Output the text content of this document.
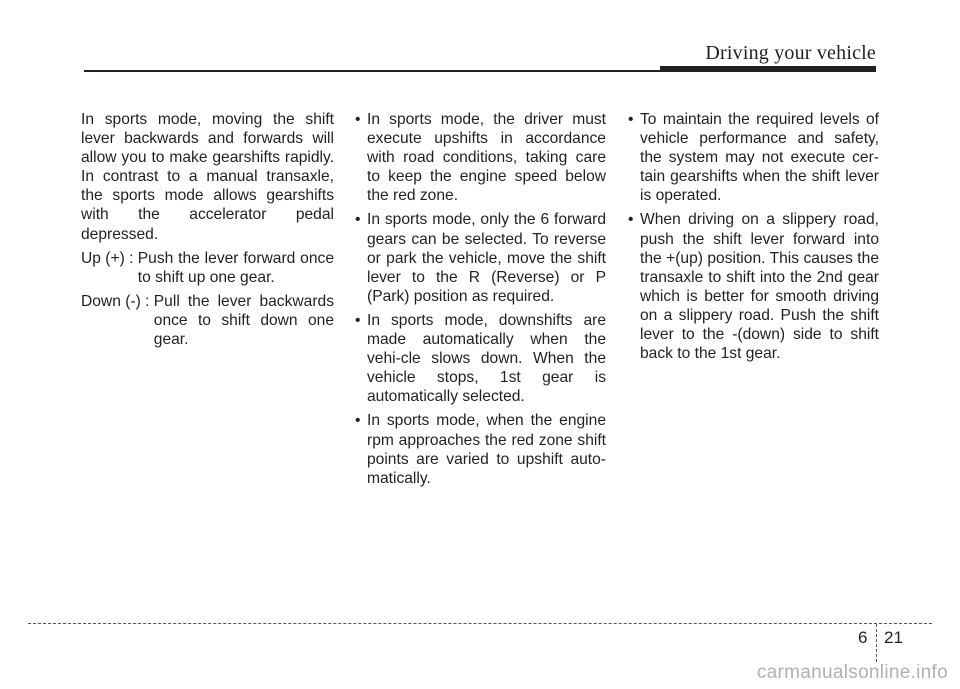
Driving your vehicle

In sports mode, moving the shift lever backwards and forwards will allow you to make gearshifts rapidly. In contrast to a manual transaxle, the sports mode allows gearshifts with the accelerator pedal depressed.

Up (+) : Push the lever forward once to shift up one gear.
Down (-) : Pull the lever backwards once to shift down one gear.
• In sports mode, the driver must execute upshifts in accordance with road conditions, taking care to keep the engine speed below the red zone.
• In sports mode, only the 6 forward gears can be selected. To reverse or park the vehicle, move the shift lever to the R (Reverse) or P (Park) position as required.
• In sports mode, downshifts are made automatically when the vehi-cle slows down. When the vehicle stops, 1st gear is automatically selected.
• In sports mode, when the engine rpm approaches the red zone shift points are varied to upshift auto-matically.
• To maintain the required levels of vehicle performance and safety, the system may not execute cer-tain gearshifts when the shift lever is operated.
• When driving on a slippery road, push the shift lever forward into the +(up) position. This causes the transaxle to shift into the 2nd gear which is better for smooth driving on a slippery road. Push the shift lever to the -(down) side to shift back to the 1st gear.
6 21
carmanualsonline.info
